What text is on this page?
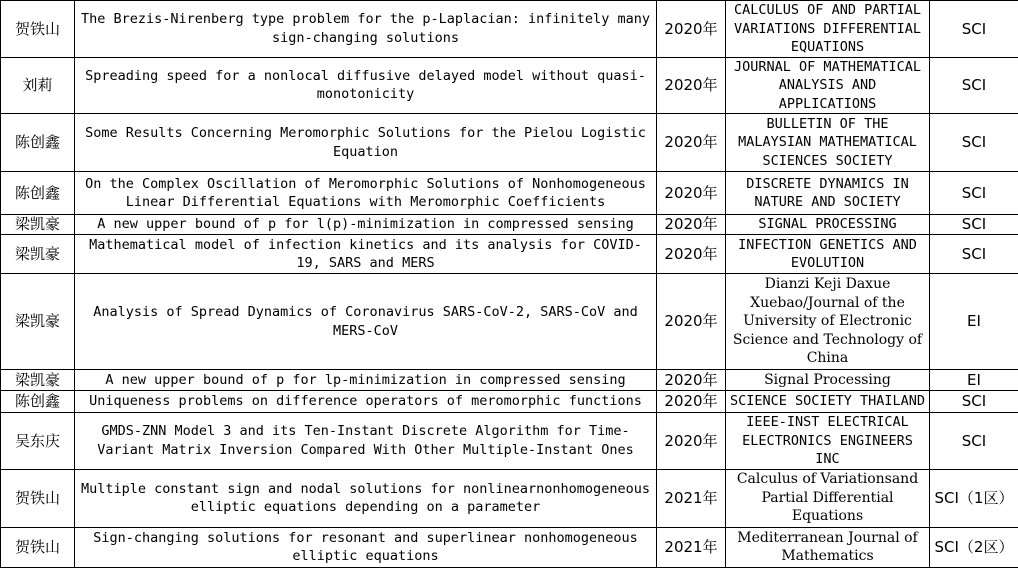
贺铁山	The Brezis-Nirenberg type problem for the p-Laplacian: infinitely many sign-changing solutions	2020年	CALCULUS OF AND PARTIAL VARIATIONS DIFFERENTIAL EQUATIONS	SCI
刘莉	Spreading speed for a nonlocal diffusive delayed model without quasi-monotonicity	2020年	JOURNAL OF MATHEMATICAL ANALYSIS AND APPLICATIONS	SCI
陈创鑫	Some Results Concerning Meromorphic Solutions for the Pielou Logistic Equation	2020年	BULLETIN OF THE MALAYSIAN MATHEMATICAL SCIENCES SOCIETY	SCI
陈创鑫	On the Complex Oscillation of Meromorphic Solutions of Nonhomogeneous Linear Differential Equations with Meromorphic Coefficients	2020年	DISCRETE DYNAMICS IN NATURE AND SOCIETY	SCI
梁凯豪	A new upper bound of p for l(p)-minimization in compressed sensing	2020年	SIGNAL PROCESSING	SCI
梁凯豪	Mathematical model of infection kinetics and its analysis for COVID-19, SARS and MERS	2020年	INFECTION GENETICS AND EVOLUTION	SCI
梁凯豪	Analysis of Spread Dynamics of Coronavirus SARS-CoV-2, SARS-CoV and MERS-CoV	2020年	Dianzi Keji Daxue Xuebao/Journal of the University of Electronic Science and Technology of China	EI
梁凯豪	A new upper bound of p for lp-minimization in compressed sensing	2020年	Signal Processing	EI
陈创鑫	Uniqueness problems on difference operators of meromorphic functions	2020年	SCIENCE SOCIETY THAILAND	SCI
吴东庆	GMDS-ZNN Model 3 and its Ten-Instant Discrete Algorithm for Time-Variant Matrix Inversion Compared With Other Multiple-Instant Ones	2020年	IEEE-INST ELECTRICAL ELECTRONICS ENGINEERS INC	SCI
贺铁山	Multiple constant sign and nodal solutions for nonlinearnonhomogeneous elliptic equations depending on a parameter	2021年	Calculus of Variationsand Partial Differential Equations	SCI（1区）
贺铁山	Sign-changing solutions for resonant and superlinear nonhomogeneous elliptic equations	2021年	Mediterranean Journal of Mathematics	SCI（2区）
